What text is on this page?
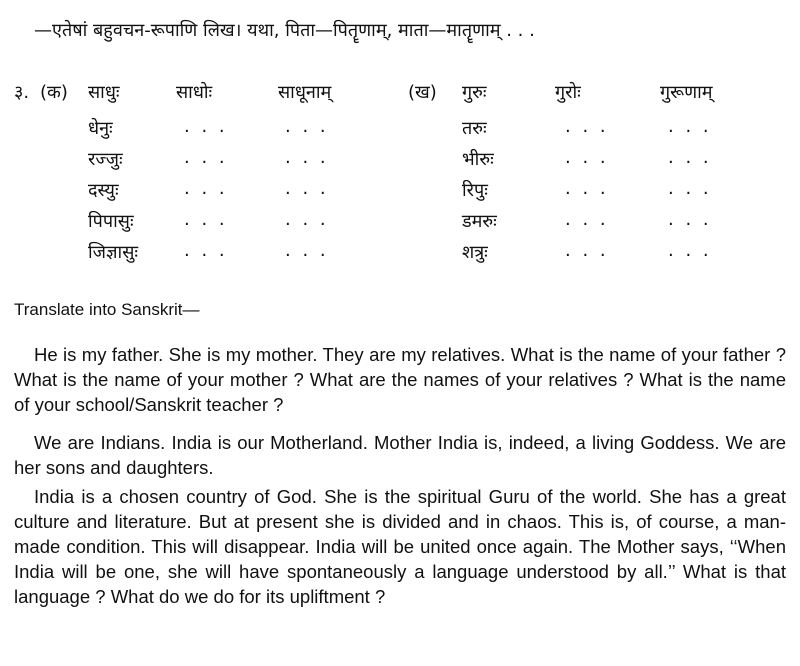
—एतेषां बहुवचन-रूपाणि लिख। यथा, पिता—पितॄणाम्, माता—मातॄणाम् . . .
३. (क) साधुः	साधोः	साधूनाम्	(ख) गुरुः	गुरोः	गुरूणाम्
धेनुः	. . .	. . .	तरुः	. . .	. . .
रज्जुः	. . .	. . .	भीरुः	. . .	. . .
दस्युः	. . .	. . .	रिपुः	. . .	. . .
पिपासुः	. . .	. . .	डमरुः	. . .	. . .
जिज्ञासुः	. . .	. . .	शत्रुः	. . .	. . .
Translate into Sanskrit—

He is my father. She is my mother. They are my relatives. What is the name of your father ? What is the name of your mother ? What are the names of your relatives ? What is the name of your school/Sanskrit teacher ?

We are Indians. India is our Motherland. Mother India is, indeed, a living Goddess. We are her sons and daughters.

India is a chosen country of God. She is the spiritual Guru of the world. She has a great culture and literature. But at present she is divided and in chaos. This is, of course, a man-made condition. This will disappear. India will be united once again. The Mother says, ‘‘When India will be one, she will have spontaneously a language understood by all.’’ What is that language ? What do we do for its upliftment ?
